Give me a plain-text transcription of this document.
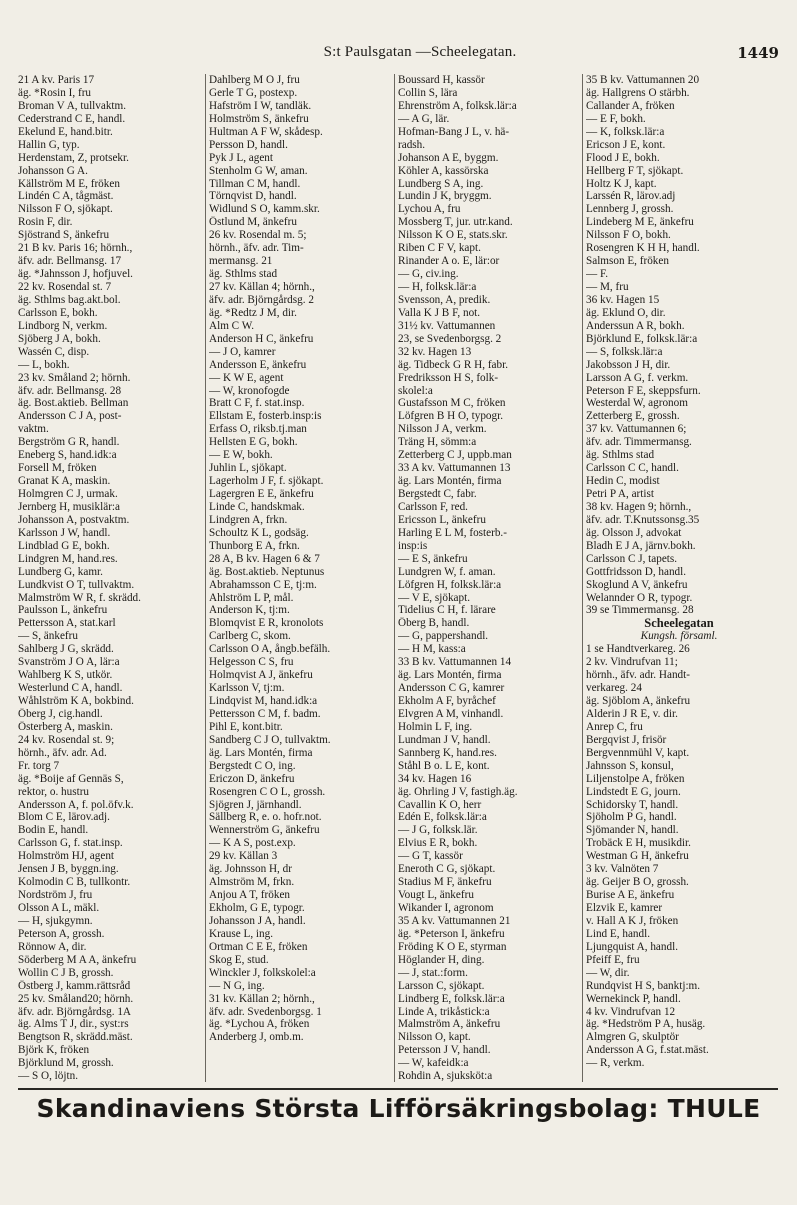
S:t Paulsgatan —Scheelegatan.	1449
21 A kv. Paris 17
äg. *Rosin I, fru
Broman V A, tullvaktm.
Cederstrand C E, handl.
Ekelund E, hand.bitr.
Hallin G, typ.
Herdenstam, Z, protsekr.
Johansson G A.
Källström M E, fröken
Lindén C A, tågmäst.
Nilsson F O, sjökapt.
Rosin F, dir.
Sjöstrand S, änkefru
21 B kv. Paris 16; hörnh.,
äfv. adr. Bellmansg. 17
äg. *Jahnsson J, hofjuvel.
22 kv. Rosendal st. 7
äg. Sthlms bag.akt.bol.
Carlsson E, bokh.
Lindborg N, verkm.
Sjöberg J A, bokh.
Wassén C, disp.
— L, bokh.
23 kv. Småland 2; hörnh.
äfv. adr. Bellmansg. 28
äg. Bost.aktieb. Bellman
Andersson C J A, post-
vaktm.
Bergström G R, handl.
Eneberg S, hand.idk:a
Forsell M, fröken
Granat K A, maskin.
Holmgren C J, urmak.
Jernberg H, musiklär:a
Johansson A, postvaktm.
Karlsson J W, handl.
Lindblad G E, bokh.
Lindgren M, hand.res.
Lundberg G, kamr.
Lundkvist O T, tullvaktm.
Malmström W R, f. skrädd.
Paulsson L, änkefru
Pettersson A, stat.karl
— S, änkefru
Sahlberg J G, skrädd.
Svanström J O A, lär:a
Wahlberg K S, utkör.
Westerlund C A, handl.
Wåhlström K A, bokbind.
Öberg J, cig.handl.
Österberg A, maskin.
24 kv. Rosendal st. 9;
hörnh., äfv. adr. Ad.
Fr. torg 7
äg. *Boije af Gennäs S,
rektor, o. hustru
Andersson A, f. pol.öfv.k.
Blom C E, lärov.adj.
Bodin E, handl.
Carlsson G, f. stat.insp.
Holmström HJ, agent
Jensen J B, byggn.ing.
Kolmodin C B, tullkontr.
Nordström J, fru
Olsson A L, mäkl.
— H, sjukgymn.
Peterson A, grossh.
Rönnow A, dir.
Söderberg M A A, änkefru
Wollin C J B, grossh.
Östberg J, kamm.rättsråd
25 kv. Småland20; hörnh.
äfv. adr. Björngårdsg. 1A
äg. Alms T J, dir., syst:rs
Bengtson R, skrädd.mäst.
Björk K, fröken
Björklund M, grossh.
— S O, löjtn.
Dahlberg M O J, fru
Gerle T G, postexp.
Hafström I W, tandläk.
Holmström S, änkefru
Hultman A F W, skådesp.
Persson D, handl.
Pyk J L, agent
Stenholm G W, aman.
Tillman C M, handl.
Törnqvist D, handl.
Widlund S O, kamm.skr.
Östlund M, änkefru
26 kv. Rosendal m. 5;
hörnh., äfv. adr. Tim-
mermansg. 21
äg. Sthlms stad
27 kv. Källan 4; hörnh.,
äfv. adr. Björngårdsg. 2
äg. *Redtz J M, dir.
Alm C W.
Anderson H C, änkefru
— J O, kamrer
Andersson E, änkefru
— K W E, agent
— W, kronofogde
Bratt C F, f. stat.insp.
Ellstam E, fosterb.insp:is
Erfass O, riksb.tj.man
Hellsten E G, bokh.
— E W, bokh.
Juhlin L, sjökapt.
Lagerholm J F, f. sjökapt.
Lagergren E E, änkefru
Linde C, handskmak.
Lindgren A, frkn.
Schoultz K L, godsäg.
Thunborg E A, frkn.
28 A, B kv. Hagen 6 & 7
äg. Bost.aktieb. Neptunus
Abrahamsson C E, tj:m.
Ahlström L P, mål.
Anderson K, tj:m.
Blomqvist E R, kronolots
Carlberg C, skom.
Carlsson O A, ångb.befälh.
Helgesson C S, fru
Holmqvist A J, änkefru
Karlsson V, tj:m.
Lindqvist M, hand.idk:a
Pettersson C M, f. badm.
Pihl E, kont.bitr.
Sandberg C J O, tullvaktm.
äg. Lars Montén, firma
Bergstedt C O, ing.
Ericzon D, änkefru
Rosengren C O L, grossh.
Sjögren J, järnhandl.
Sällberg R, e. o. hofr.not.
Wennerström G, änkefru
— K A S, post.exp.
29 kv. Källan 3
äg. Johnsson H, dr
Almström M, frkn.
Anjou A T, fröken
Ekholm, G E, typogr.
Johansson J A, handl.
Krause L, ing.
Ortman C E E, fröken
Skog E, stud.
Winckler J, folkskolel:a
— N G, ing.
31 kv. Källan 2; hörnh.,
äfv. adr. Svedenborgsg. 1
äg. *Lychou A, fröken
Anderberg J, omb.m.
Boussard H, kassör
Collin S, lära
Ehrenström A, folksk.lär:a
— A G, lär.
Hofman-Bang J L, v. hä-
radsh.
Johanson A E, byggm.
Köhler A, kassörska
Lundberg S A, ing.
Lundin J K, bryggm.
Lychou A, fru
Mossberg T, jur. utr.kand.
Nilsson K O E, stats.skr.
Riben C F V, kapt.
Rinander A o. E, lär:or
— G, civ.ing.
— H, folksk.lär:a
Svensson, A, predik.
Valla K J B F, not.
31½ kv. Vattumannen
23, se Svedenborgsg. 2
32 kv. Hagen 13
äg. Tidbeck G R H, fabr.
Fredriksson H S, folk-
skolel:a
Gustafsson M C, fröken
Löfgren B H O, typogr.
Nilsson J A, verkm.
Träng H, sömm:a
Zetterberg C J, uppb.man
33 A kv. Vattumannen 13
äg. Lars Montén, firma
Bergstedt C, fabr.
Carlsson F, red.
Ericsson L, änkefru
Harling E L M, fosterb.-
insp:is
— E S, änkefru
Lundgren W, f. aman.
Löfgren H, folksk.lär:a
— V E, sjökapt.
Tidelius C H, f. lärare
Öberg B, handl.
— G, pappershandl.
— H M, kass:a
33 B kv. Vattumannen 14
äg. Lars Montén, firma
Andersson C G, kamrer
Ekholm A F, byråchef
Elvgren A M, vinhandl.
Holmin L F, ing.
Lundman J V, handl.
Sannberg K, hand.res.
Ståhl B o. L E, kont.
34 kv. Hagen 16
äg. Ohrling J V, fastigh.äg.
Cavallin K O, herr
Edén E, folksk.lär:a
— J G, folksk.lär.
Elvius E R, bokh.
— G T, kassör
Eneroth C G, sjökapt.
Stadius M F, änkefru
Vougt L, änkefru
Wikander I, agronom
35 A kv. Vattumannen 21
äg. *Peterson I, änkefru
Fröding K O E, styrman
Höglander H, ding.
— J, stat.:form.
Larsson C, sjökapt.
Lindberg E, folksk.lär:a
Linde A, trikåstick:a
Malmström A, änkefru
Nilsson O, kapt.
Petersson J V, handl.
— W, kafeidk:a
Rohdin A, sjuksköt:a
35 B kv. Vattumannen 20
äg. Hallgrens O stärbh.
Callander A, fröken
— E F, bokh.
— K, folksk.lär:a
Ericson J E, kont.
Flood J E, bokh.
Hellberg F T, sjökapt.
Holtz K J, kapt.
Larssén R, lärov.adj
Lennberg J, grossh.
Lindeberg M E, änkefru
Nilsson F O, bokh.
Rosengren K H H, handl.
Salmson E, fröken
— F.
— M, fru
36 kv. Hagen 15
äg. Eklund O, dir.
Anderssun A R, bokh.
Björklund E, folksk.lär:a
— S, folksk.lär:a
Jakobsson J H, dir.
Larsson A G, f. verkm.
Peterson F E, skeppsfurn.
Westerdal W, agronom
Zetterberg E, grossh.
37 kv. Vattumannen 6;
äfv. adr. Timmermansg.
äg. Sthlms stad
Carlsson C C, handl.
Hedin C, modist
Petri P A, artist
38 kv. Hagen 9; hörnh.,
äfv. adr. T.Knutssonsg.35
äg. Olsson J, advokat
Bladh E J A, järnv.bokh.
Carlsson C J, tapets.
Gottfridsson D, handl.
Skoglund A V, änkefru
Welannder O R, typogr.
39 se Timmermansg. 28
Scheelegatan
Kungsh. församl.
1 se Handtverkareg. 26
2 kv. Vindrufvan 11;
hörnh., äfv. adr. Handt-
verkareg. 24
äg. Sjöblom A, änkefru
Alderin J R E, v. dir.
Anrep C, fru
Bergqvist J, frisör
Bergvennmühl V, kapt.
Jahnsson S, konsul,
Liljenstolpe A, fröken
Lindstedt E G, journ.
Schidorsky T, handl.
Sjöholm P G, handl.
Sjömander N, handl.
Trobäck E H, musikdir.
Westman G H, änkefru
3 kv. Valnöten 7
äg. Geijer B O, grossh.
Burise A E, änkefru
Elzvik E, kamrer
v. Hall A K J, fröken
Lind E, handl.
Ljungquist A, handl.
Pfeiff E, fru
— W, dir.
Rundqvist H S, banktj:m.
Wernekinck P, handl.
4 kv. Vindrufvan 12
äg. *Hedström P A, husäg.
Almgren G, skulptör
Andersson A G, f.stat.mäst.
— R, verkm.
Skandinaviens Största Lifförsäkringsbolag: THULE
